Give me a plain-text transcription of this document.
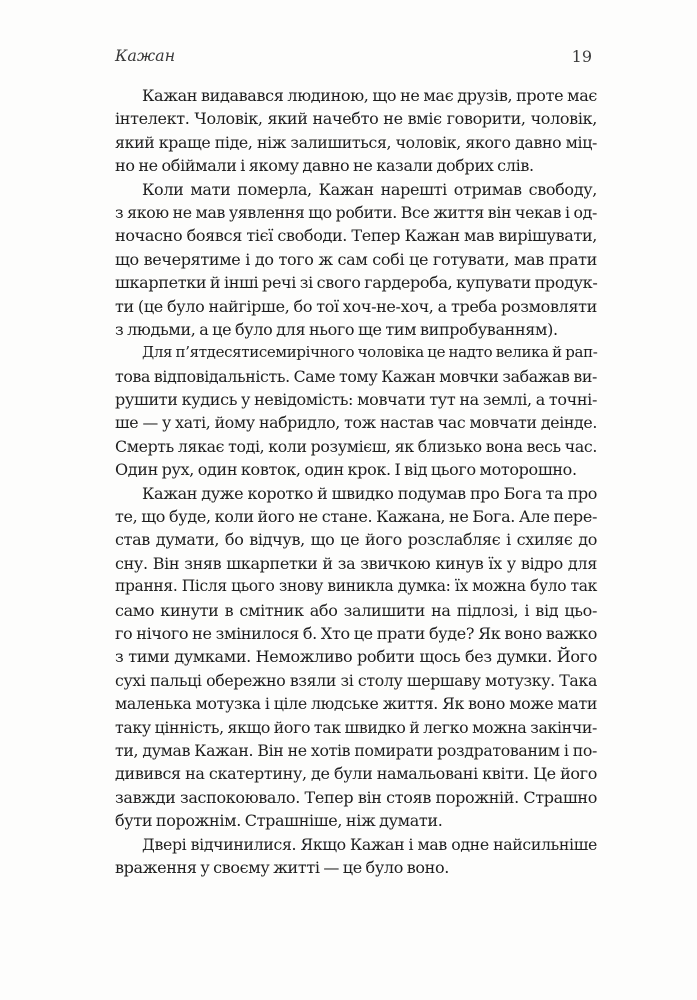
Кажан	19
Кажан видавався людиною, що не має друзів, проте має
інтелект. Чоловік, який начебто не вміє говорити, чоловік,
який краще піде, ніж залишиться, чоловік, якого давно міц-
но не обіймали і якому давно не казали добрих слів.
Коли мати померла, Кажан нарешті отримав свободу,
з якою не мав уявлення що робити. Все життя він чекав і од-
ночасно боявся тієї свободи. Тепер Кажан мав вирішувати,
що вечерятиме і до того ж сам собі це готувати, мав прати
шкарпетки й інші речі зі свого гардероба, купувати продук-
ти (це було найгірше, бо тої хоч-не-хоч, а треба розмовляти
з людьми, а це було для нього ще тим випробуванням).
Для п’ятдесятисемирічного чоловіка це надто велика й рап-
това відповідальність. Саме тому Кажан мовчки забажав ви-
рушити кудись у невідомість: мовчати тут на землі, а точні-
ше — у хаті, йому набридло, тож настав час мовчати деінде.
Смерть лякає тоді, коли розумієш, як близько вона весь час.
Один рух, один ковток, один крок. І від цього моторошно.
Кажан дуже коротко й швидко подумав про Бога та про
те, що буде, коли його не стане. Кажана, не Бога. Але пере-
став думати, бо відчув, що це його розслабляє і схиляє до
сну. Він зняв шкарпетки й за звичкою кинув їх у відро для
прання. Після цього знову виникла думка: їх можна було так
само кинути в смітник або залишити на підлозі, і від цьо-
го нічого не змінилося б. Хто це прати буде? Як воно важко
з тими думками. Неможливо робити щось без думки. Його
сухі пальці обережно взяли зі столу шершаву мотузку. Така
маленька мотузка і ціле людське життя. Як воно може мати
таку цінність, якщо його так швидко й легко можна закінчи-
ти, думав Кажан. Він не хотів помирати роздратованим і по-
дивився на скатертину, де були намальовані квіти. Це його
завжди заспокоювало. Тепер він стояв порожній. Страшно
бути порожнім. Страшніше, ніж думати.
Двері відчинилися. Якщо Кажан і мав одне найсильніше
враження у своєму житті — це було воно.
